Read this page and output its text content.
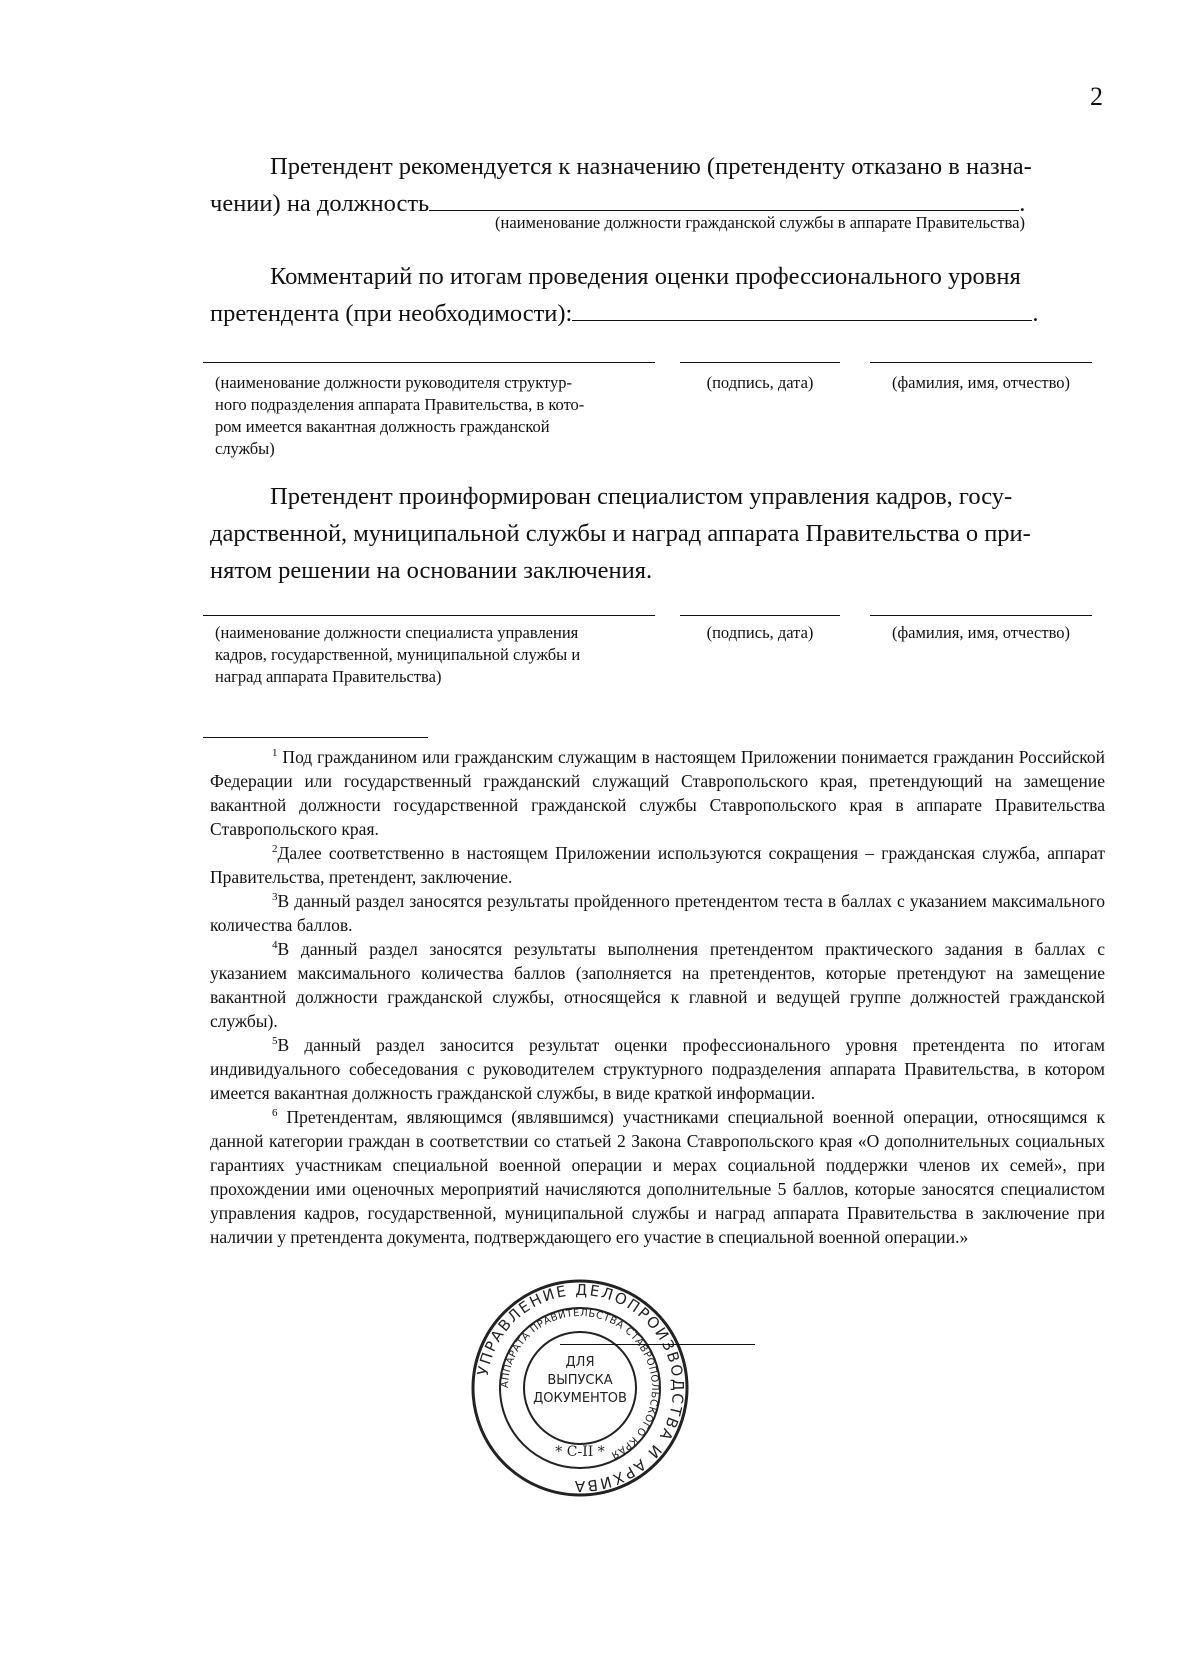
2
Претендент рекомендуется к назначению (претенденту отказано в назна-
чении) на должность	.
(наименование должности гражданской службы в аппарате Правительства)
Комментарий по итогам проведения оценки профессионального уровня
претендента (при необходимости):	.
(наименование должности руководителя структур-
ного подразделения аппарата Правительства, в кото-
ром имеется вакантная должность гражданской
службы)
(подпись, дата)	(фамилия, имя, отчество)
Претендент проинформирован специалистом управления кадров, госу-
дарственной, муниципальной службы и наград аппарата Правительства о при-
нятом решении на основании заключения.
(наименование должности специалиста управления
кадров, государственной, муниципальной службы и
наград аппарата Правительства)
(подпись, дата)	(фамилия, имя, отчество)

$^1$ Под гражданином или гражданским служащим в настоящем Приложении понимается гражданин Российской Федерации или государственный гражданский служащий Ставропольского края, претендующий на замещение вакантной должности государственной гражданской службы Ставропольского края в аппарате Правительства Ставропольского края.

$^2$Далее соответственно в настоящем Приложении используются сокращения – гражданская служба, аппарат Правительства, претендент, заключение.

$^3$В данный раздел заносятся результаты пройденного претендентом теста в баллах с указанием максимального количества баллов.

$^4$В данный раздел заносятся результаты выполнения претендентом практического задания в баллах с указанием максимального количества баллов (заполняется на претендентов, которые претендуют на замещение вакантной должности гражданской службы, относящейся к главной и ведущей группе должностей гражданской службы).

$^5$В данный раздел заносится результат оценки профессионального уровня претендента по итогам индивидуального собеседования с руководителем структурного подразделения аппарата Правительства, в котором имеется вакантная должность гражданской службы, в виде краткой информации.

$^6$ Претендентам, являющимся (являвшимся) участниками специальной военной операции, относящимся к данной категории граждан в соответствии со статьей 2 Закона Ставропольского края «О дополнительных социальных гарантиях участникам специальной военной операции и мерах социальной поддержки членов их семей», при прохождении ими оценочных мероприятий начисляются дополнительные 5 баллов, которые заносятся специалистом управления кадров, государственной, муниципальной службы и наград аппарата Правительства в заключение при наличии у претендента документа, подтверждающего его участие в специальной военной операции.»

УПРАВЛЕНИЕ ДЕЛОПРОИЗВОДСТВА И АРХИВА
АППАРАТА ПРАВИТЕЛЬСТВА СТАВРОПОЛЬСКОГО КРАЯ
ДЛЯ
ВЫПУСКА
ДОКУМЕНТОВ
* С-II *
